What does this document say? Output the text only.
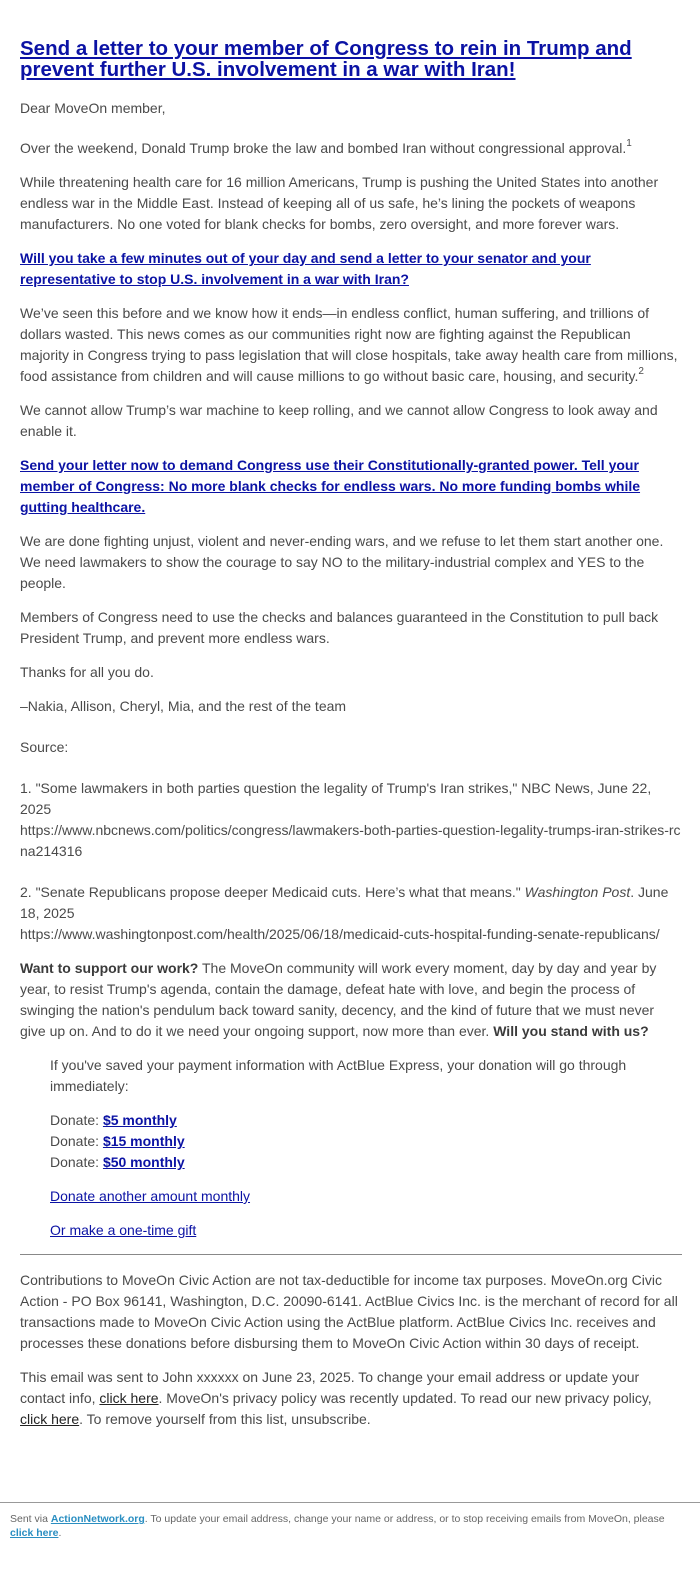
Send a letter to your member of Congress to rein in Trump and prevent further U.S. involvement in a war with Iran!

Dear MoveOn member,

Over the weekend, Donald Trump broke the law and bombed Iran without congressional approval.$^1$

While threatening health care for 16 million Americans, Trump is pushing the United States into another endless war in the Middle East. Instead of keeping all of us safe, he’s lining the pockets of weapons manufacturers. No one voted for blank checks for bombs, zero oversight, and more forever wars.

Will you take a few minutes out of your day and send a letter to your senator and your representative to stop U.S. involvement in a war with Iran?

We’ve seen this before and we know how it ends—in endless conflict, human suffering, and trillions of dollars wasted. This news comes as our communities right now are fighting against the Republican majority in Congress trying to pass legislation that will close hospitals, take away health care from millions, food assistance from children and will cause millions to go without basic care, housing, and security.$^2$

We cannot allow Trump’s war machine to keep rolling, and we cannot allow Congress to look away and enable it.

Send your letter now to demand Congress use their Constitutionally-granted power. Tell your member of Congress: No more blank checks for endless wars. No more funding bombs while gutting healthcare.

We are done fighting unjust, violent and never-ending wars, and we refuse to let them start another one. We need lawmakers to show the courage to say NO to the military-industrial complex and YES to the people.

Members of Congress need to use the checks and balances guaranteed in the Constitution to pull back President Trump, and prevent more endless wars.

Thanks for all you do.

–Nakia, Allison, Cheryl, Mia, and the rest of the team

Source:

1. "Some lawmakers in both parties question the legality of Trump's Iran strikes," NBC News, June 22, 2025
https://www.nbcnews.com/politics/congress/lawmakers-both-parties-question-legality-trumps-iran-strikes-rcna214316
2. "Senate Republicans propose deeper Medicaid cuts. Here’s what that means." Washington Post. June 18, 2025
https://www.washingtonpost.com/health/2025/06/18/medicaid-cuts-hospital-funding-senate-republicans/

Want to support our work? The MoveOn community will work every moment, day by day and year by year, to resist Trump's agenda, contain the damage, defeat hate with love, and begin the process of swinging the nation's pendulum back toward sanity, decency, and the kind of future that we must never give up on. And to do it we need your ongoing support, now more than ever. Will you stand with us?

If you've saved your payment information with ActBlue Express, your donation will go through immediately:

Donate: $5 monthly

Donate: $15 monthly

Donate: $50 monthly

Donate another amount monthly

Or make a one-time gift

Contributions to MoveOn Civic Action are not tax-deductible for income tax purposes. MoveOn.org Civic Action - PO Box 96141, Washington, D.C. 20090-6141. ActBlue Civics Inc. is the merchant of record for all transactions made to MoveOn Civic Action using the ActBlue platform. ActBlue Civics Inc. receives and processes these donations before disbursing them to MoveOn Civic Action within 30 days of receipt.

This email was sent to John xxxxxx on June 23, 2025. To change your email address or update your contact info, click here. MoveOn's privacy policy was recently updated. To read our new privacy policy, click here. To remove yourself from this list, unsubscribe.

Sent via ActionNetwork.org. To update your email address, change your name or address, or to stop receiving emails from MoveOn, please click here.
